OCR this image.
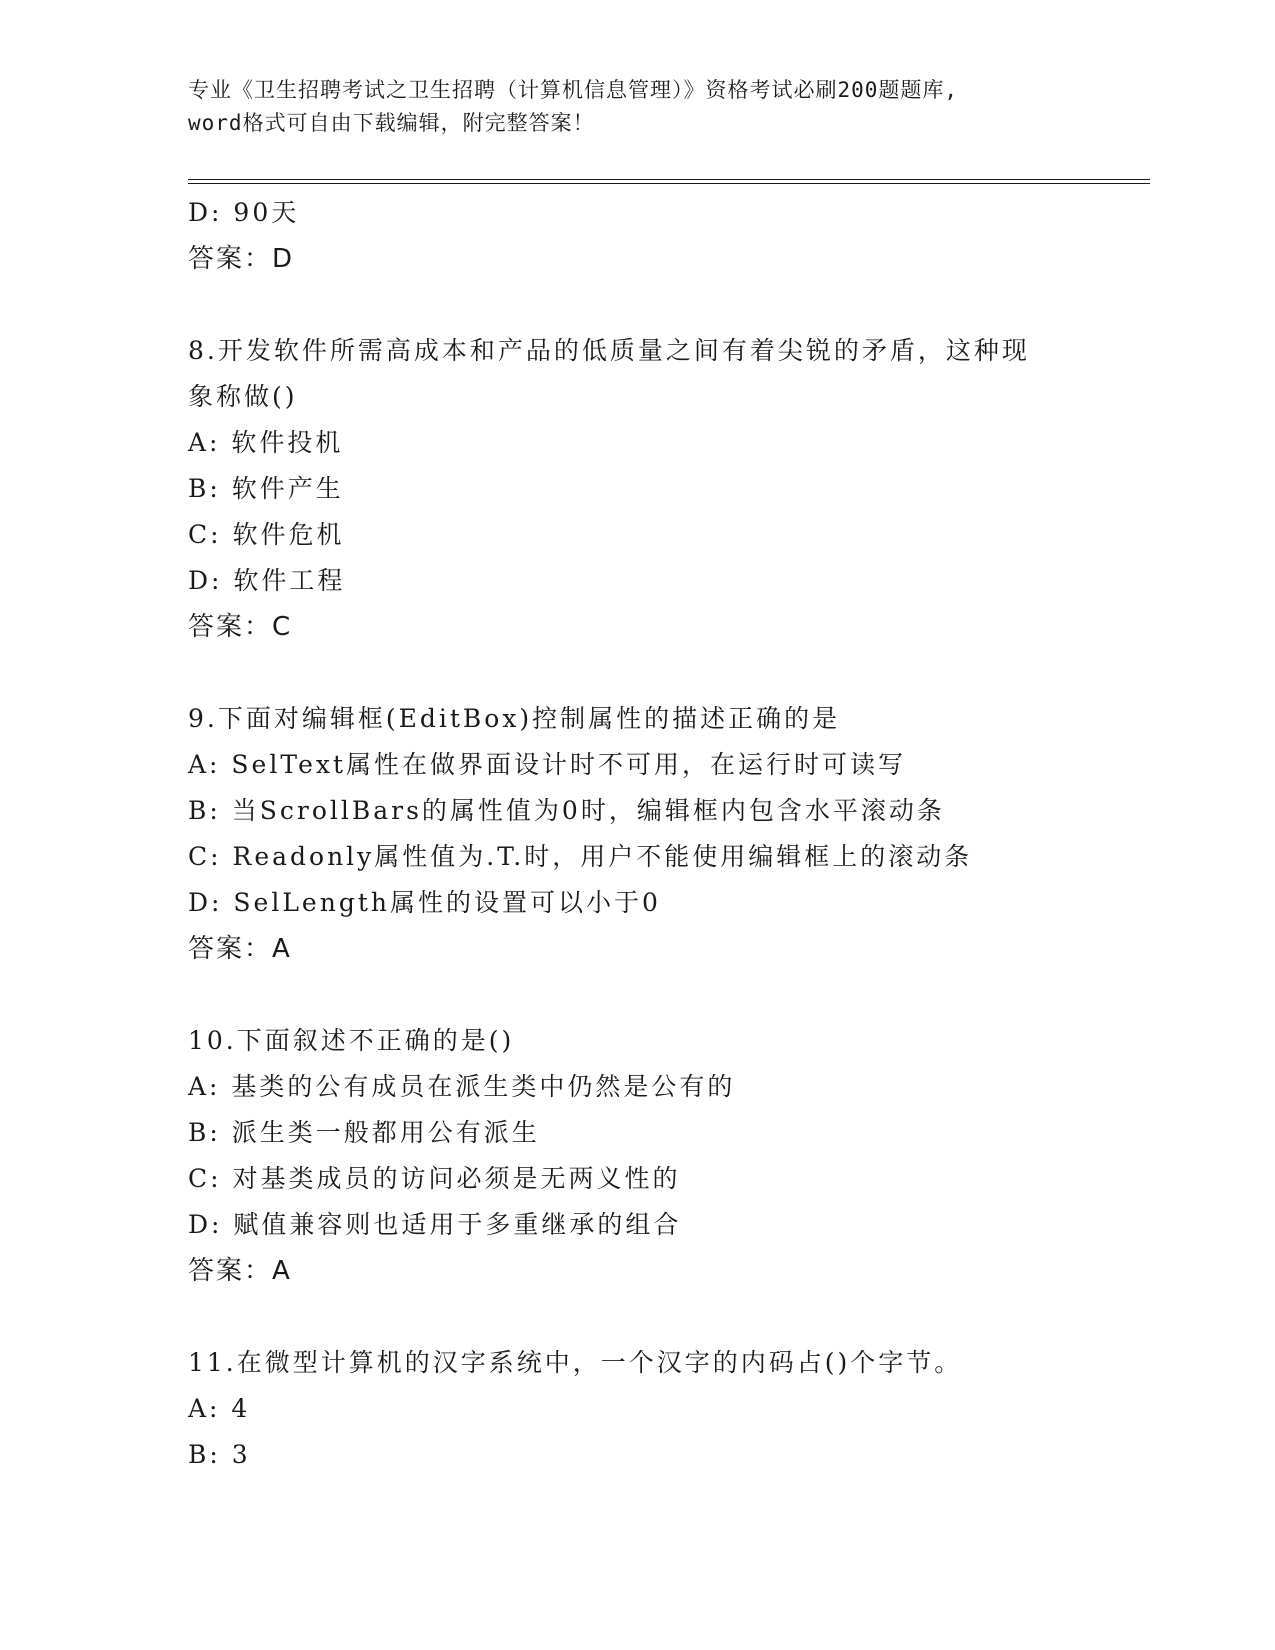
专业《卫生招聘考试之卫生招聘（计算机信息管理）》资格考试必刷200题题库,
word格式可自由下载编辑，附完整答案！
D: 90天
答案：D
8.开发软件所需高成本和产品的低质量之间有着尖锐的矛盾，这种现
象称做()
A: 软件投机
B: 软件产生
C: 软件危机
D: 软件工程
答案：C
9.下面对编辑框(EditBox)控制属性的描述正确的是
A: SelText属性在做界面设计时不可用，在运行时可读写
B: 当ScrollBars的属性值为0时，编辑框内包含水平滚动条
C: Readonly属性值为.T.时，用户不能使用编辑框上的滚动条
D: SelLength属性的设置可以小于0
答案：A
10.下面叙述不正确的是()
A: 基类的公有成员在派生类中仍然是公有的
B: 派生类一般都用公有派生
C: 对基类成员的访问必须是无两义性的
D: 赋值兼容则也适用于多重继承的组合
答案：A
11.在微型计算机的汉字系统中，一个汉字的内码占()个字节。
A: 4
B: 3
